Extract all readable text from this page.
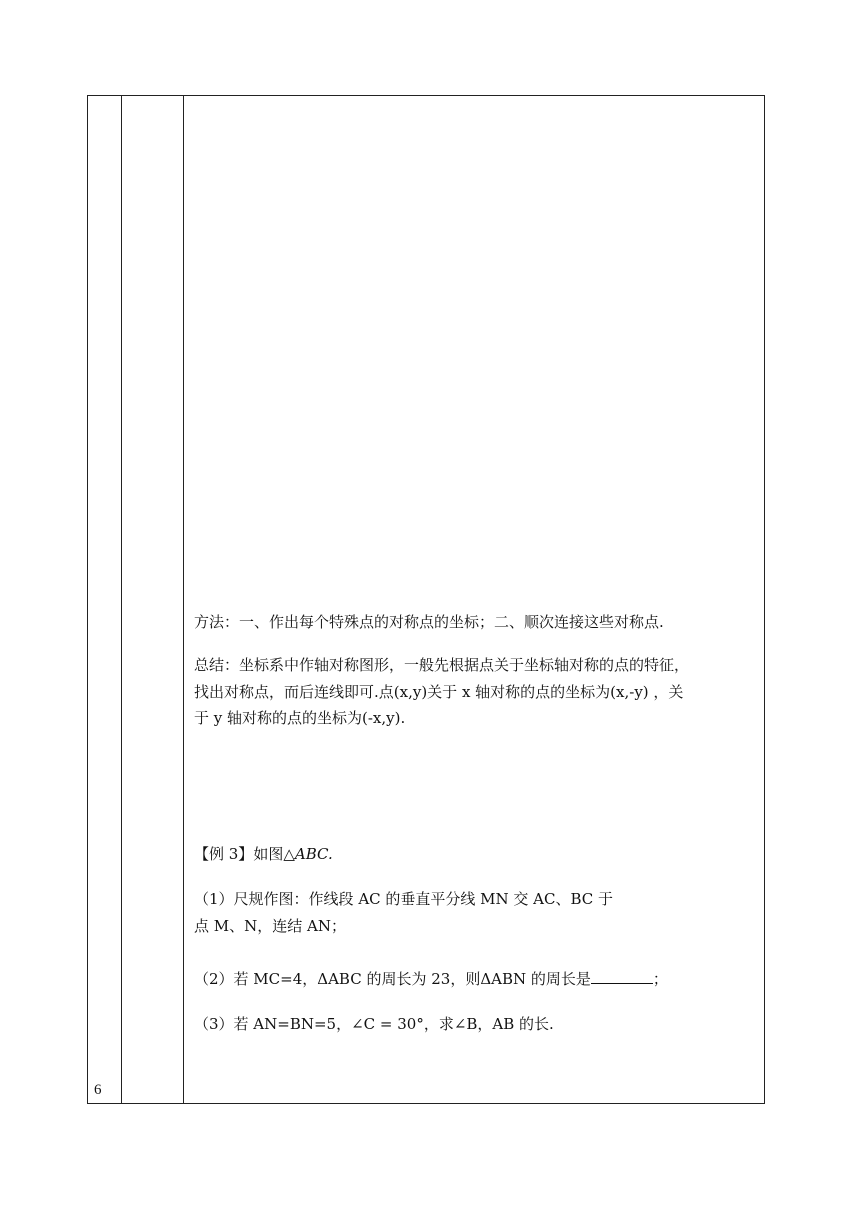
6
方法：一、作出每个特殊点的对称点的坐标；二、顺次连接这些对称点.
总结：坐标系中作轴对称图形，一般先根据点关于坐标轴对称的点的特征，
找出对称点，而后连线即可.点(x,y)关于 x 轴对称的点的坐标为(x,-y) ，关
于 y 轴对称的点的坐标为(-x,y).
【例 3】如图△ABC.
（1）尺规作图：作线段 AC 的垂直平分线 MN 交 AC、BC 于
点 M、N，连结 AN；
（2）若 MC=4，ΔABC 的周长为 23，则ΔABN 的周长是	；
（3）若 AN=BN=5，∠C = 30°，求∠B，AB 的长.
